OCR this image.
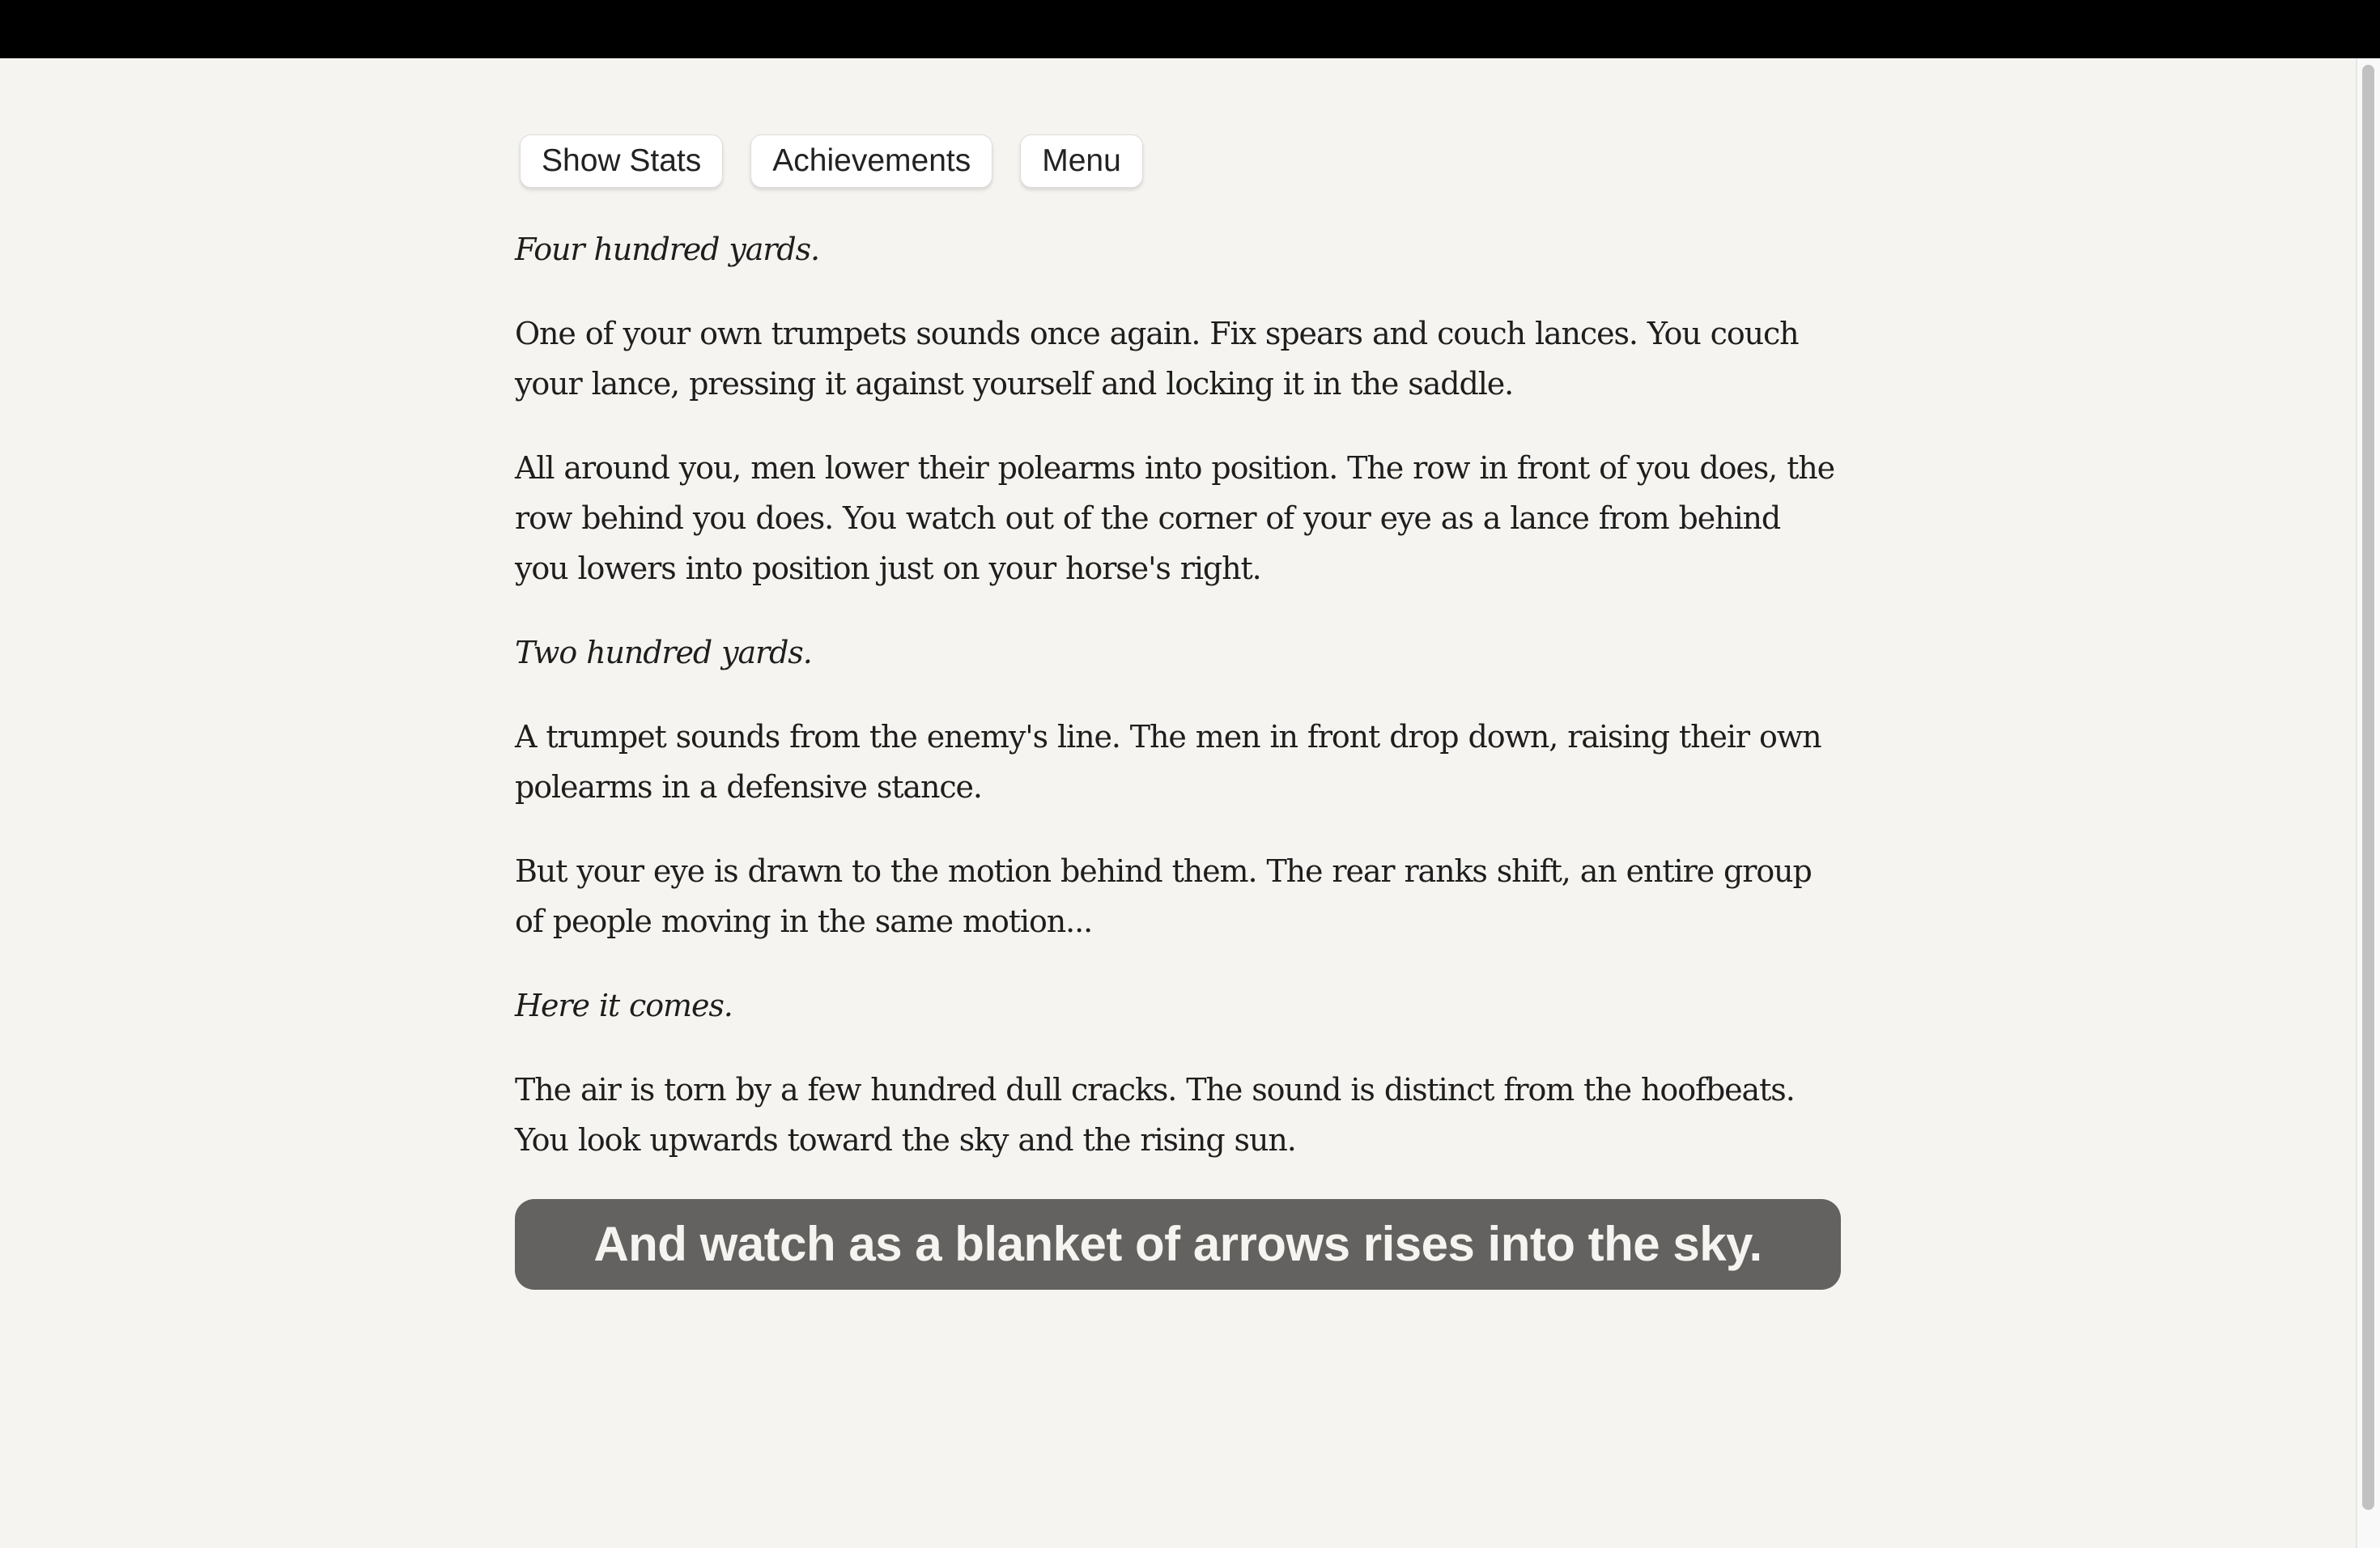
Show Stats	Achievements	Menu

Four hundred yards.

One of your own trumpets sounds once again. Fix spears and couch lances. You couch your lance, pressing it against yourself and locking it in the saddle.

All around you, men lower their polearms into position. The row in front of you does, the row behind you does. You watch out of the corner of your eye as a lance from behind you lowers into position just on your horse's right.

Two hundred yards.

A trumpet sounds from the enemy's line. The men in front drop down, raising their own polearms in a defensive stance.

But your eye is drawn to the motion behind them. The rear ranks shift, an entire group of people moving in the same motion...

Here it comes.

The air is torn by a few hundred dull cracks. The sound is distinct from the hoofbeats. You look upwards toward the sky and the rising sun.

And watch as a blanket of arrows rises into the sky.
